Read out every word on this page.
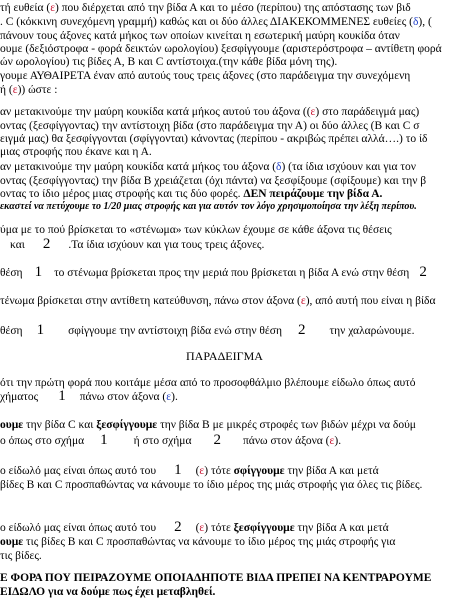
τή ευθεία (ε) που διέρχεται από την βίδα Α και το μέσο (περίπου) της απόστασης των βιδ
. C (κόκκινη συνεχόμενη γραμμή) καθώς και οι δύο άλλες ΔΙΑΚΕΚΟΜΜΕΝΕΣ ευθείες (δ), (
πάνουν τους άξονες κατά μήκος των οποίων κινείται η εσωτερική μαύρη κουκίδα όταν
ουμε (δεξιόστροφα - φορά δεικτών ωρολογίου) ξεσφίγγουμε (αριστερόστροφα – αντίθετη φορά
ών ωρολογίου) τις βίδες Α, Β και C αντίστοιχα.(την κάθε βίδα μόνη της).
γουμε ΑΥΘΑΙΡΕΤΑ έναν από αυτούς τους τρεις άξονες (στο παράδειγμα την συνεχόμενη
ή (ε)) ώστε :
αν μετακινούμε την μαύρη κουκίδα κατά μήκος αυτού του άξονα ((ε) στο παράδειγμά μας)
οντας (ξεσφίγγοντας) την αντίστοιχη βίδα (στο παράδειγμα την Α) οι δύο άλλες (Β και C σ
ειγμά μας) θα ξεσφίγγονται (σφίγγονται) κάνοντας (περίπου - ακριβώς πρέπει αλλά….) το ίδ
μιας στροφής που έκανε και η Α.
αν μετακινούμε την μαύρη κουκίδα κατά μήκος του άξονα (δ) (τα ίδια ισχύουν και για τον
οντας (ξεσφίγγοντας) την βίδα Β χρειάζεται (όχι πάντα) να ξεσφίξουμε (σφίξουμε) και την β
οντας το ίδιο μέρος μιας στροφής και τις δύο φορές. ΔΕΝ πειράζουμε την βίδα Α.
εκαστεί να πετύχουμε το 1/20 μιας στροφής και για αυτόν τον λόγο χρησιμοποίησα την λέξη περίπου.
ύμα με το πού βρίσκεται το «στένωμα» των κύκλων έχουμε σε κάθε άξονα τις θέσεις
και 2 .Τα ίδια ισχύουν και για τους τρεις άξονες.
θέση 1 το στένωμα βρίσκεται προς την μεριά που βρίσκεται η βίδα Α ενώ στην θέση 2
τένωμα βρίσκεται στην αντίθετη κατεύθυνση, πάνω στον άξονα (ε), από αυτή που είναι η βίδα
θέση 1 σφίγγουμε την αντίστοιχη βίδα ενώ στην θέση 2 την χαλαρώνουμε.
ΠΑΡΑΔΕΙΓΜΑ
ότι την πρώτη φορά που κοιτάμε μέσα από το προσοφθάλμιο βλέπουμε είδωλο όπως αυτό
χήματος 1 πάνω στον άξονα (ε).
ουμε την βίδα C και ξεσφίγγουμε την βίδα Β με μικρές στροφές των βιδών μέχρι να δούμ
ο όπως στο σχήμα 1 ή στο σχήμα 2 πάνω στον άξονα (ε).
ο είδωλό μας είναι όπως αυτό του 1 (ε) τότε σφίγγουμε την βίδα Α και μετά
βίδες Β και C προσπαθώντας να κάνουμε το ίδιο μέρος της μιάς στροφής για όλες τις βίδες.
ο είδωλό μας είναι όπως αυτό του 2 (ε) τότε ξεσφίγγουμε την βίδα Α και μετά
ουμε τις βίδες Β και C προσπαθώντας να κάνουμε το ίδιο μέρος της μιάς στροφής για
τις βίδες.
Ε ΦΟΡΑ ΠΟΥ ΠΕΙΡΑΖΟΥΜΕ ΟΠΟΙΑΔΗΠΟΤΕ ΒΙΔΑ ΠΡΕΠΕΙ ΝΑ ΚΕΝΤΡΑΡΟΥΜΕ
ΕΙΔΩΛΟ για να δούμε πως έχει μεταβληθεί.
